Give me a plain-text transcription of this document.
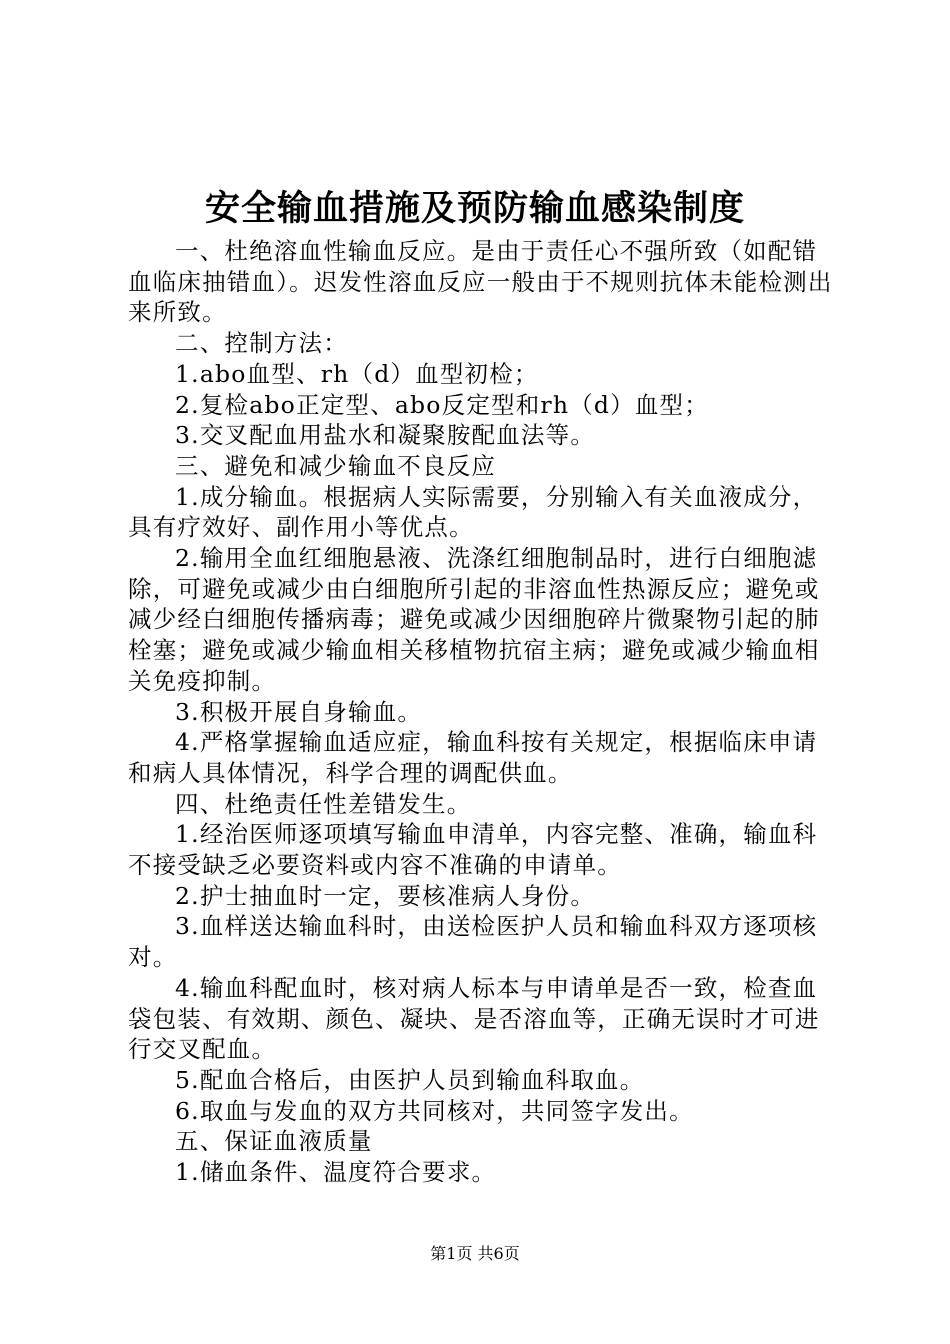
安全输血措施及预防输血感染制度

一、杜绝溶血性输血反应。是由于责任心不强所致（如配错血临床抽错血）。迟发性溶血反应一般由于不规则抗体未能检测出来所致。

二、控制方法：

1.abo血型、rh（d）血型初检；

2.复检abo正定型、abo反定型和rh（d）血型；

3.交叉配血用盐水和凝聚胺配血法等。

三、避免和减少输血不良反应

1.成分输血。根据病人实际需要，分别输入有关血液成分，具有疗效好、副作用小等优点。

2.输用全血红细胞悬液、洗涤红细胞制品时，进行白细胞滤除，可避免或减少由白细胞所引起的非溶血性热源反应；避免或减少经白细胞传播病毒；避免或减少因细胞碎片微聚物引起的肺栓塞；避免或减少输血相关移植物抗宿主病；避免或减少输血相关免疫抑制。

3.积极开展自身输血。

4.严格掌握输血适应症，输血科按有关规定，根据临床申请和病人具体情况，科学合理的调配供血。

四、杜绝责任性差错发生。

1.经治医师逐项填写输血申清单，内容完整、准确，输血科不接受缺乏必要资料或内容不准确的申请单。

2.护士抽血时一定，要核准病人身份。

3.血样送达输血科时，由送检医护人员和输血科双方逐项核对。

4.输血科配血时，核对病人标本与申请单是否一致，检查血袋包装、有效期、颜色、凝块、是否溶血等，正确无误时才可进行交叉配血。

5.配血合格后，由医护人员到输血科取血。

6.取血与发血的双方共同核对，共同签字发出。

五、保证血液质量

1.储血条件、温度符合要求。

第1页 共6页
